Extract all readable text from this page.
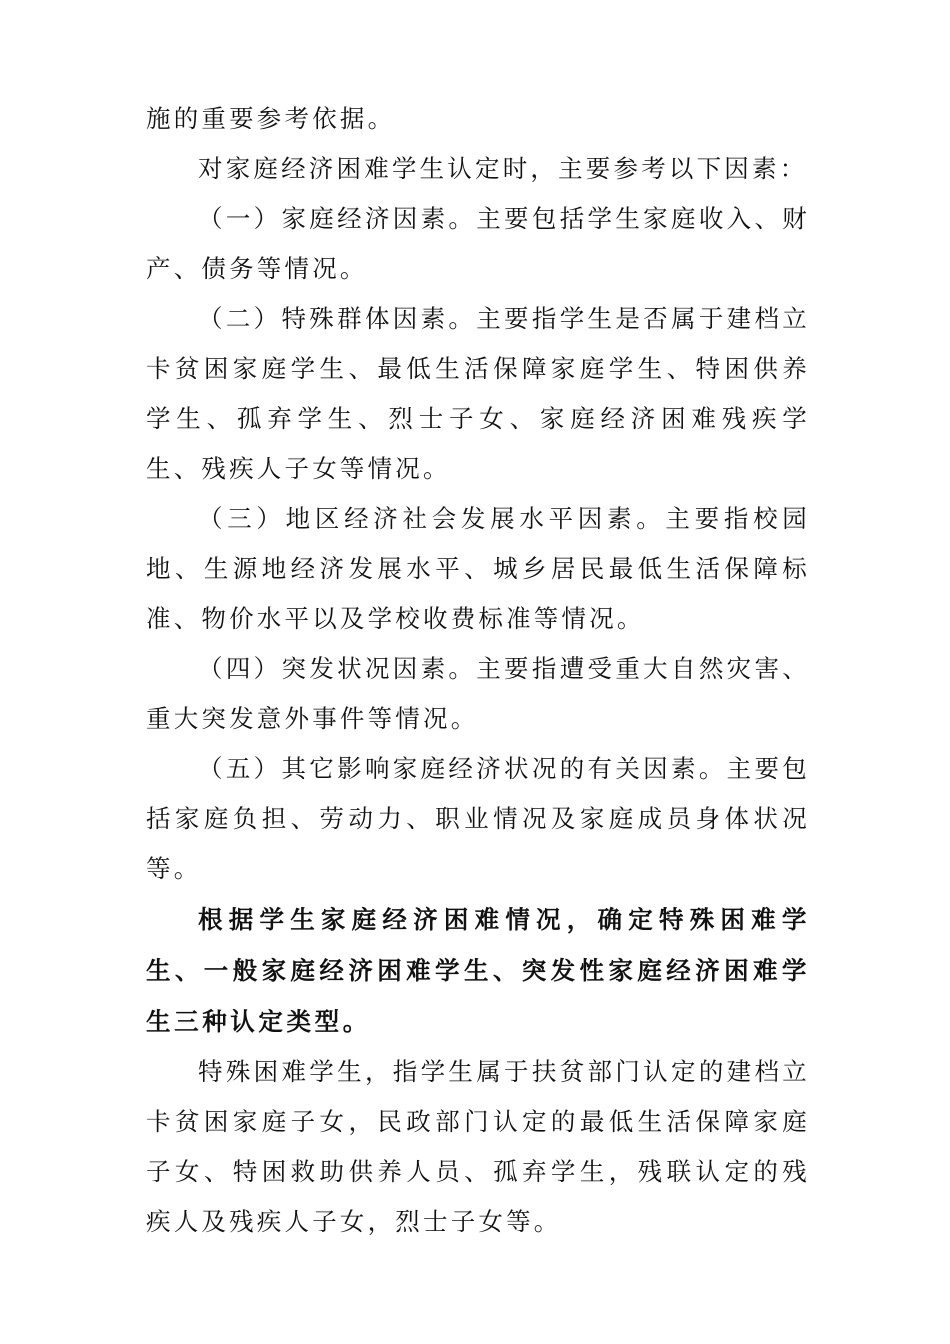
施的重要参考依据。

对家庭经济困难学生认定时，主要参考以下因素：

（一）家庭经济因素。主要包括学生家庭收入、财产、债务等情况。

（二）特殊群体因素。主要指学生是否属于建档立卡贫困家庭学生、最低生活保障家庭学生、特困供养学生、孤弃学生、烈士子女、家庭经济困难残疾学生、残疾人子女等情况。

（三）地区经济社会发展水平因素。主要指校园地、生源地经济发展水平、城乡居民最低生活保障标准、物价水平以及学校收费标准等情况。

（四）突发状况因素。主要指遭受重大自然灾害、重大突发意外事件等情况。

（五）其它影响家庭经济状况的有关因素。主要包括家庭负担、劳动力、职业情况及家庭成员身体状况等。

根据学生家庭经济困难情况，确定特殊困难学生、一般家庭经济困难学生、突发性家庭经济困难学生三种认定类型。

特殊困难学生，指学生属于扶贫部门认定的建档立卡贫困家庭子女，民政部门认定的最低生活保障家庭子女、特困救助供养人员、孤弃学生，残联认定的残疾人及残疾人子女，烈士子女等。
